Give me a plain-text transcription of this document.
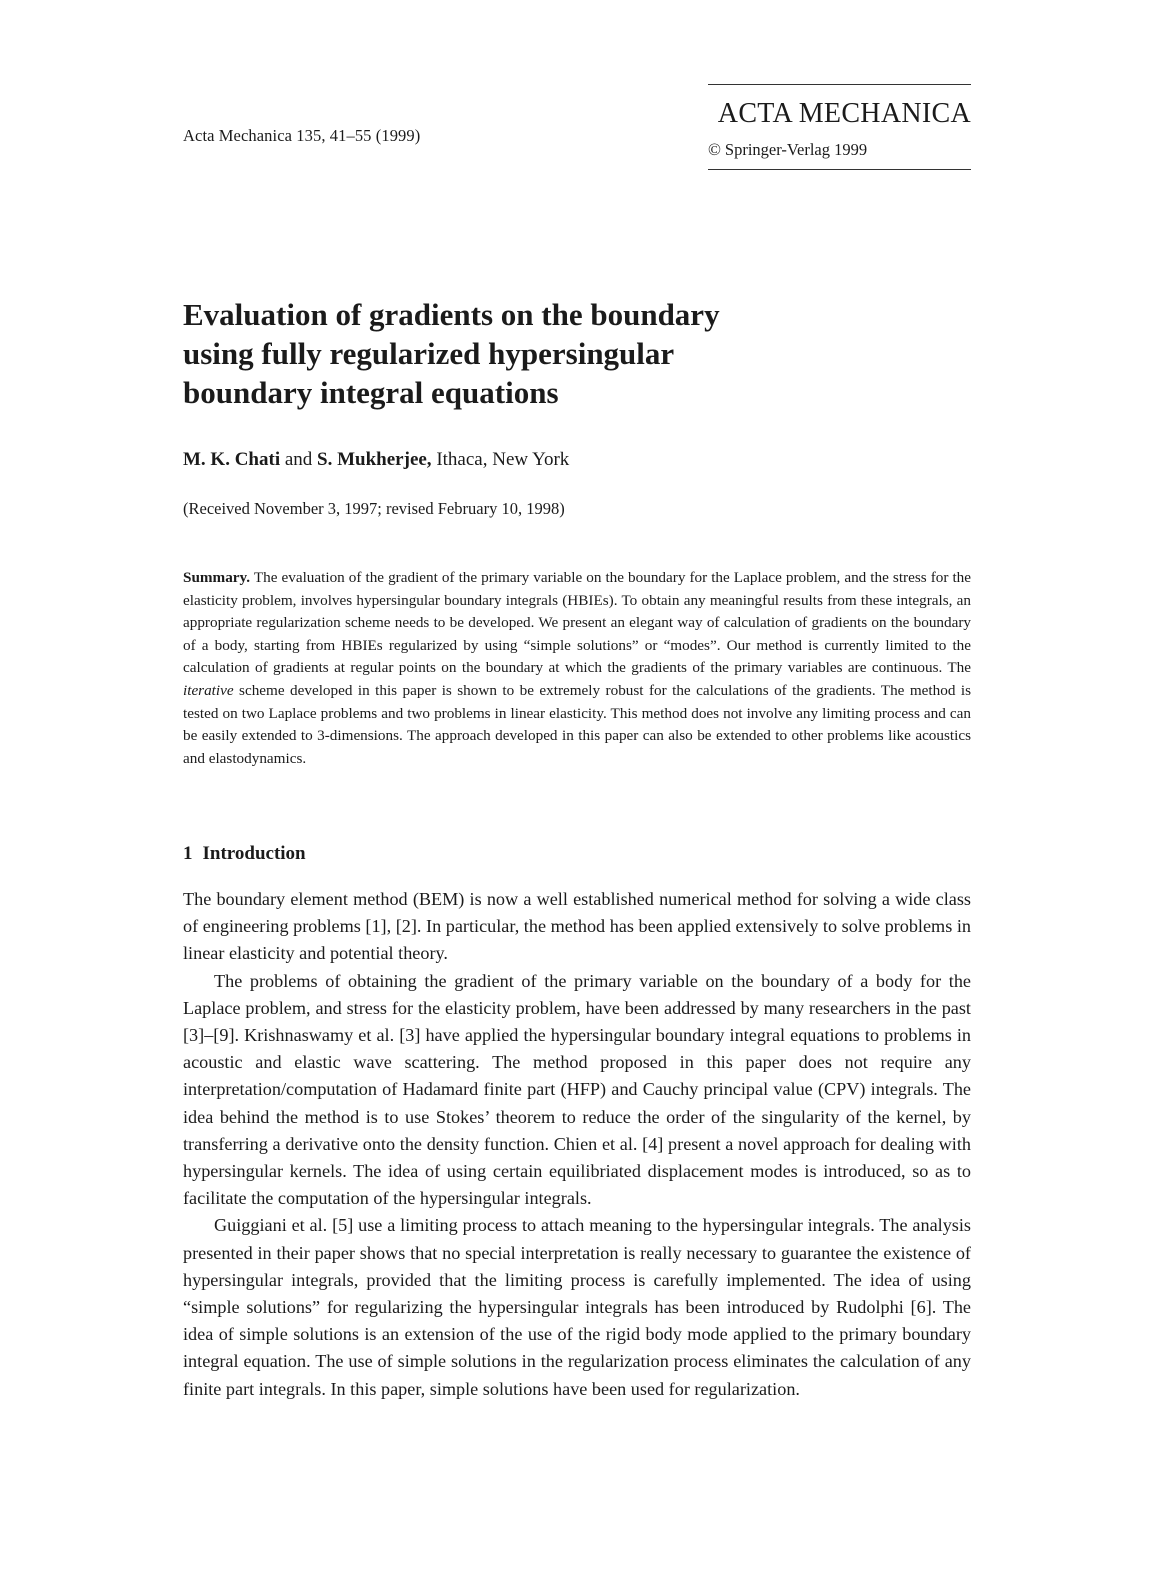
Acta Mechanica 135, 41–55 (1999)
ACTA MECHANICA
© Springer-Verlag 1999
Evaluation of gradients on the boundary
using fully regularized hypersingular
boundary integral equations
M. K. Chati and S. Mukherjee, Ithaca, New York
(Received November 3, 1997; revised February 10, 1998)
Summary. The evaluation of the gradient of the primary variable on the boundary for the Laplace problem, and the stress for the elasticity problem, involves hypersingular boundary integrals (HBIEs). To obtain any meaningful results from these integrals, an appropriate regularization scheme needs to be developed. We present an elegant way of calculation of gradients on the boundary of a body, starting from HBIEs regularized by using “simple solutions” or “modes”. Our method is currently limited to the calculation of gradients at regular points on the boundary at which the gradients of the primary variables are continuous. The iterative scheme developed in this paper is shown to be extremely robust for the calculations of the gradients. The method is tested on two Laplace problems and two problems in linear elasticity. This method does not involve any limiting process and can be easily extended to 3-dimensions. The approach developed in this paper can also be extended to other problems like acoustics and elastodynamics.
1 Introduction

The boundary element method (BEM) is now a well established numerical method for solving a wide class of engineering problems [1], [2]. In particular, the method has been applied extensively to solve problems in linear elasticity and potential theory.

The problems of obtaining the gradient of the primary variable on the boundary of a body for the Laplace problem, and stress for the elasticity problem, have been addressed by many researchers in the past [3]–[9]. Krishnaswamy et al. [3] have applied the hypersingular boundary integral equations to problems in acoustic and elastic wave scattering. The method proposed in this paper does not require any interpretation/computation of Hadamard finite part (HFP) and Cauchy principal value (CPV) integrals. The idea behind the method is to use Stokes’ theorem to reduce the order of the singularity of the kernel, by transferring a derivative onto the density function. Chien et al. [4] present a novel approach for dealing with hypersingular kernels. The idea of using certain equilibriated displacement modes is introduced, so as to facilitate the computation of the hypersingular integrals.

Guiggiani et al. [5] use a limiting process to attach meaning to the hypersingular integrals. The analysis presented in their paper shows that no special interpretation is really necessary to guarantee the existence of hypersingular integrals, provided that the limiting process is carefully implemented. The idea of using “simple solutions” for regularizing the hypersingular integrals has been introduced by Rudolphi [6]. The idea of simple solutions is an extension of the use of the rigid body mode applied to the primary boundary integral equation. The use of simple solutions in the regularization process eliminates the calculation of any finite part integrals. In this paper, simple solutions have been used for regularization.
